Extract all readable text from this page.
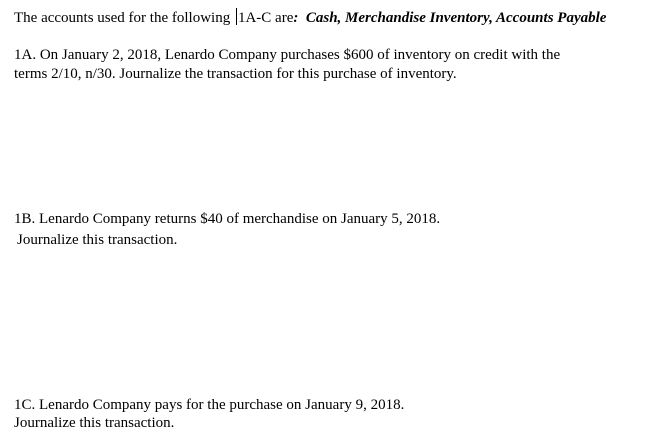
The accounts used for the following 1A-C are: Cash, Merchandise Inventory, Accounts Payable
1A. On January 2, 2018, Lenardo Company purchases $600 of inventory on credit with the
terms 2/10, n/30. Journalize the transaction for this purchase of inventory.
1B. Lenardo Company returns $40 of merchandise on January 5, 2018.
Journalize this transaction.
1C. Lenardo Company pays for the purchase on January 9, 2018.
Journalize this transaction.
